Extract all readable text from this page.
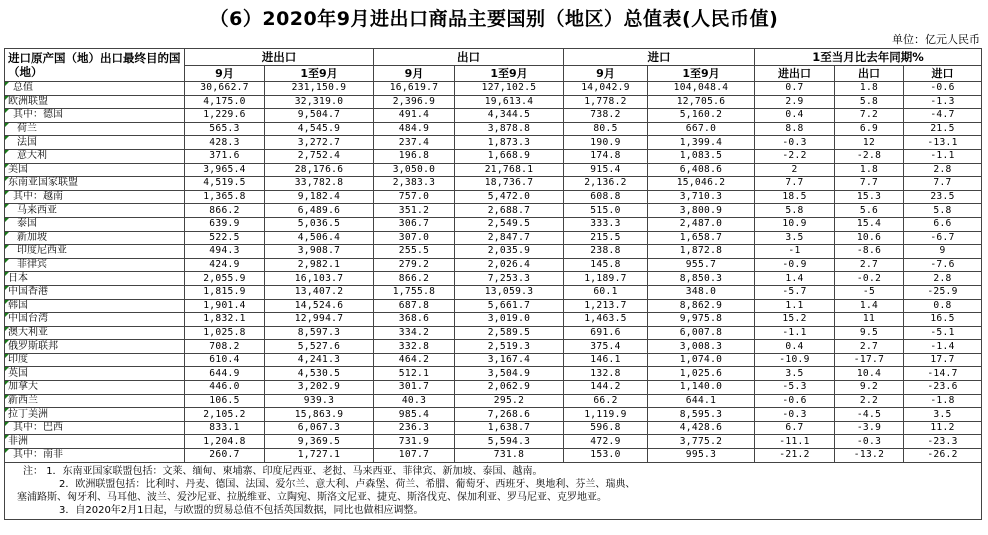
（6）2020年9月进出口商品主要国别（地区）总值表(人民币值)
单位：亿元人民币
进口原产国（地）出口最终目的国（地）	进出口		出口		进口		1至当月比去年同期%		
	9月	1至9月	9月	1至9月	9月	1至9月	进出口	出口	进口
总值	30,662.7	231,150.9	16,619.7	127,102.5	14,042.9	104,048.4	0.7	1.8	-0.6
欧洲联盟	4,175.0	32,319.0	2,396.9	19,613.4	1,778.2	12,705.6	2.9	5.8	-1.3
其中：德国	1,229.6	9,504.7	491.4	4,344.5	738.2	5,160.2	0.4	7.2	-4.7
荷兰	565.3	4,545.9	484.9	3,878.8	80.5	667.0	8.8	6.9	21.5
法国	428.3	3,272.7	237.4	1,873.3	190.9	1,399.4	-0.3	12	-13.1
意大利	371.6	2,752.4	196.8	1,668.9	174.8	1,083.5	-2.2	-2.8	-1.1
美国	3,965.4	28,176.6	3,050.0	21,768.1	915.4	6,408.6	2	1.8	2.8
东南亚国家联盟	4,519.5	33,782.8	2,383.3	18,736.7	2,136.2	15,046.2	7.7	7.7	7.7
其中：越南	1,365.8	9,182.4	757.0	5,472.0	608.8	3,710.3	18.5	15.3	23.5
马来西亚	866.2	6,489.6	351.2	2,688.7	515.0	3,800.9	5.8	5.6	5.8
泰国	639.9	5,036.5	306.7	2,549.5	333.3	2,487.0	10.9	15.4	6.6
新加坡	522.5	4,506.4	307.0	2,847.7	215.5	1,658.7	3.5	10.6	-6.7
印度尼西亚	494.3	3,908.7	255.5	2,035.9	238.8	1,872.8	-1	-8.6	9
菲律宾	424.9	2,982.1	279.2	2,026.4	145.8	955.7	-0.9	2.7	-7.6
日本	2,055.9	16,103.7	866.2	7,253.3	1,189.7	8,850.3	1.4	-0.2	2.8
中国香港	1,815.9	13,407.2	1,755.8	13,059.3	60.1	348.0	-5.7	-5	-25.9
韩国	1,901.4	14,524.6	687.8	5,661.7	1,213.7	8,862.9	1.1	1.4	0.8
中国台湾	1,832.1	12,994.7	368.6	3,019.0	1,463.5	9,975.8	15.2	11	16.5
澳大利亚	1,025.8	8,597.3	334.2	2,589.5	691.6	6,007.8	-1.1	9.5	-5.1
俄罗斯联邦	708.2	5,527.6	332.8	2,519.3	375.4	3,008.3	0.4	2.7	-1.4
印度	610.4	4,241.3	464.2	3,167.4	146.1	1,074.0	-10.9	-17.7	17.7
英国	644.9	4,530.5	512.1	3,504.9	132.8	1,025.6	3.5	10.4	-14.7
加拿大	446.0	3,202.9	301.7	2,062.9	144.2	1,140.0	-5.3	9.2	-23.6
新西兰	106.5	939.3	40.3	295.2	66.2	644.1	-0.6	2.2	-1.8
拉丁美洲	2,105.2	15,863.9	985.4	7,268.6	1,119.9	8,595.3	-0.3	-4.5	3.5
其中：巴西	833.1	6,067.3	236.3	1,638.7	596.8	4,428.6	6.7	-3.9	11.2
非洲	1,204.8	9,369.5	731.9	5,594.3	472.9	3,775.2	-11.1	-0.3	-23.3
其中：南非	260.7	1,727.1	107.7	731.8	153.0	995.3	-21.2	-13.2	-26.2

注： 1．东南亚国家联盟包括：文莱、缅甸、柬埔寨、印度尼西亚、老挝、马来西亚、菲律宾、新加坡、泰国、越南。
2．欧洲联盟包括：比利时、丹麦、德国、法国、爱尔兰、意大利、卢森堡、荷兰、希腊、葡萄牙、西班牙、奥地利、芬兰、瑞典、
塞浦路斯、匈牙利、马耳他、波兰、爱沙尼亚、拉脱维亚、立陶宛、斯洛文尼亚、捷克、斯洛伐克、保加利亚、罗马尼亚、克罗地亚。
3．自2020年2月1日起，与欧盟的贸易总值不包括英国数据，同比也做相应调整。									
